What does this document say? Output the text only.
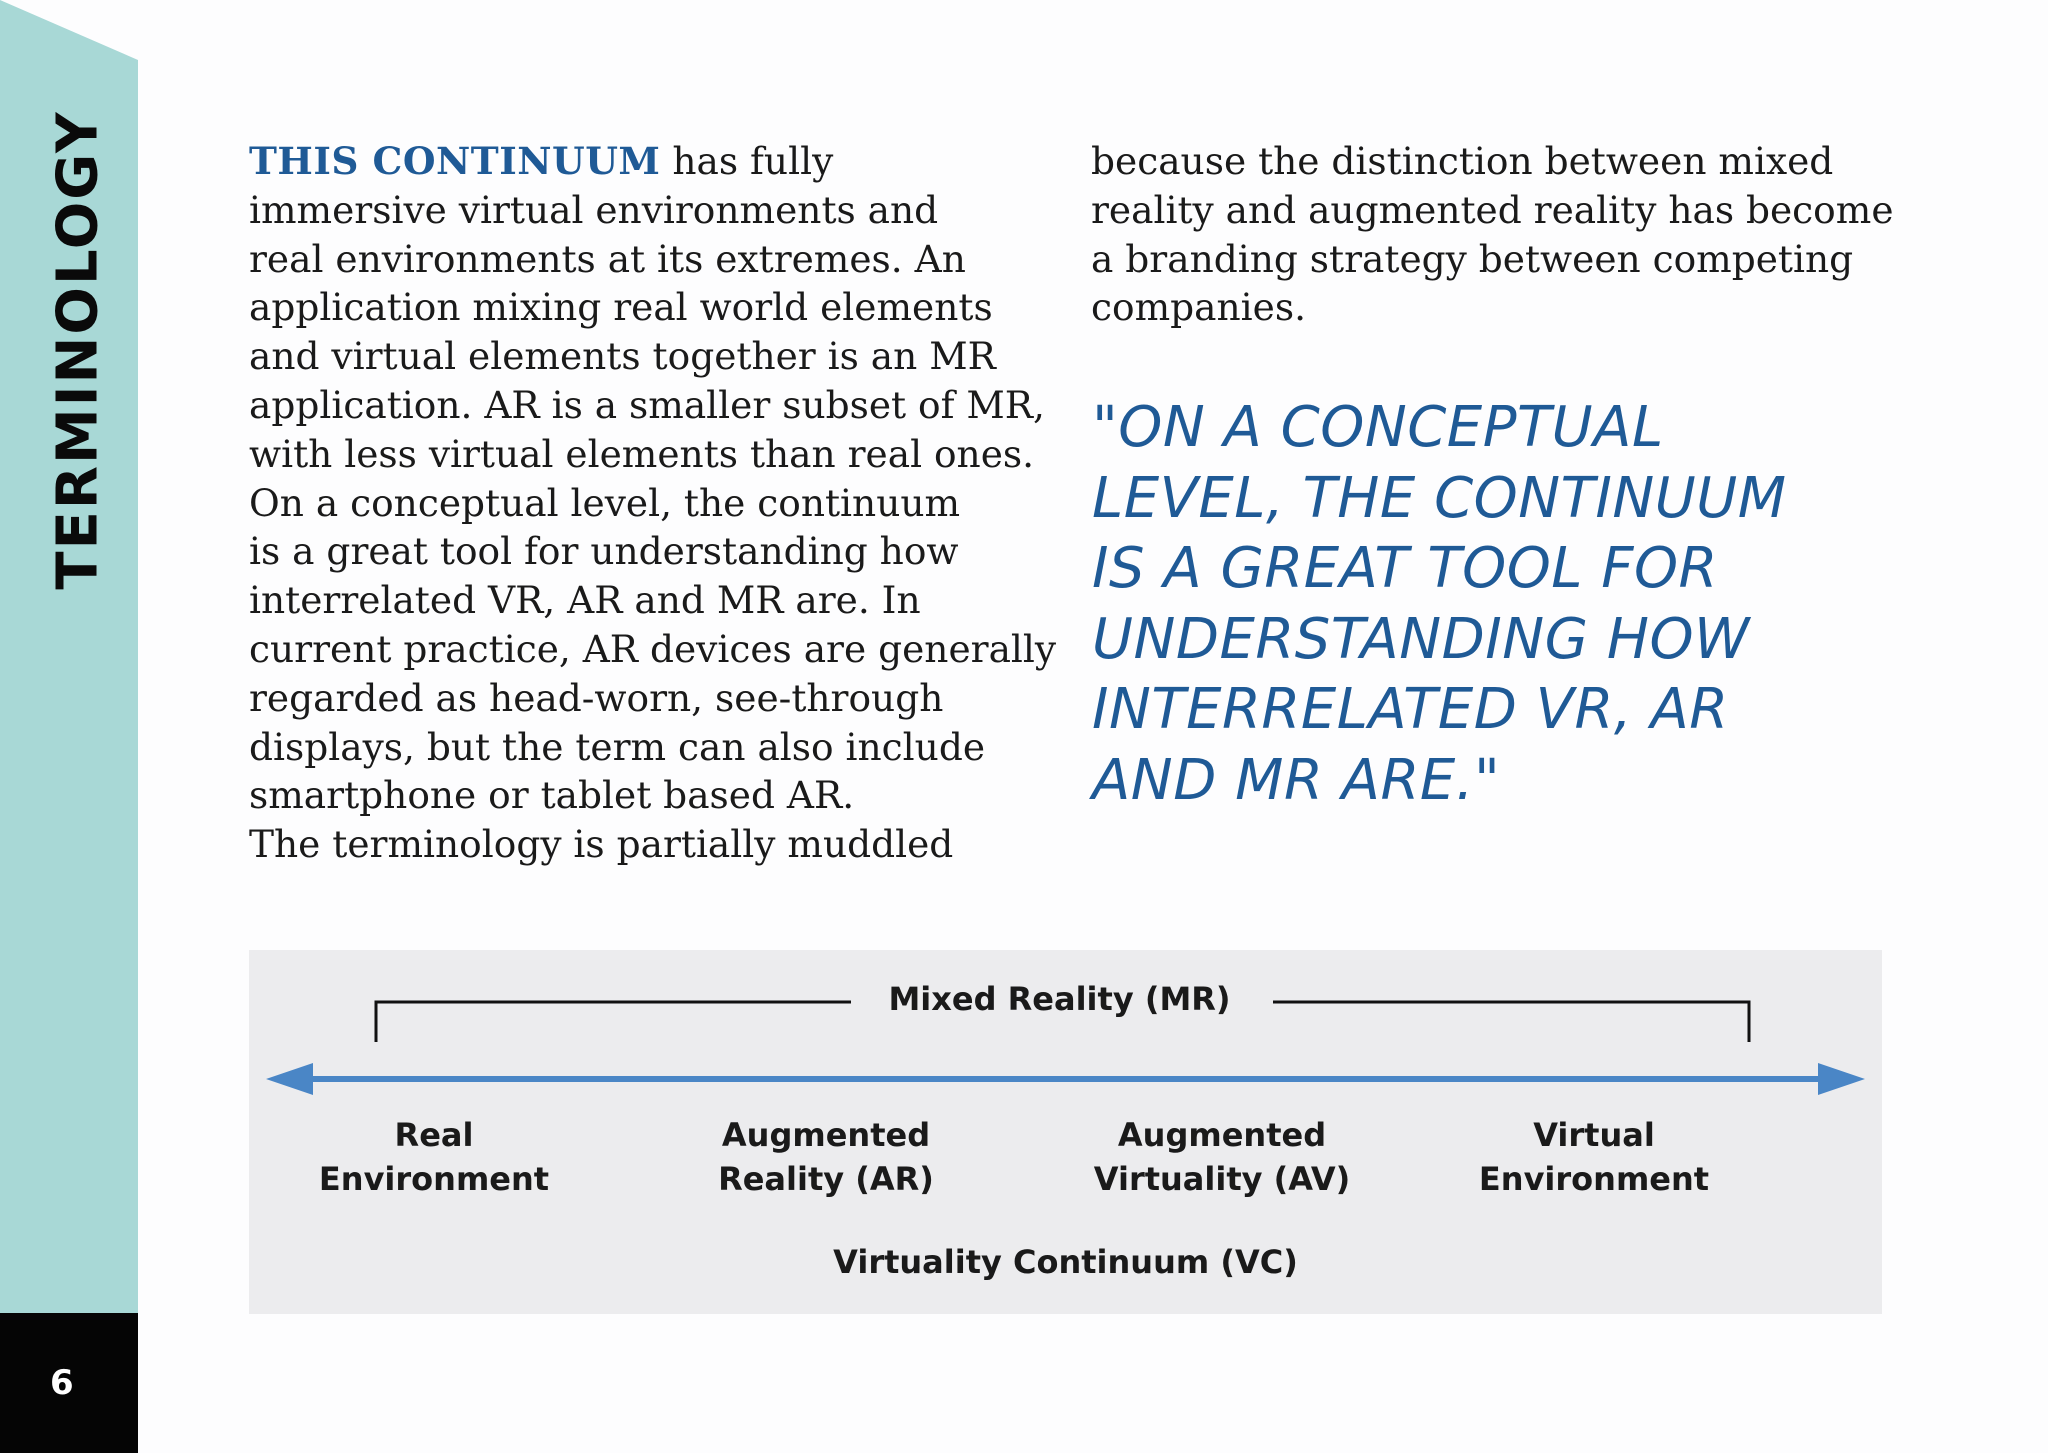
TERMINOLOGY
6
THIS CONTINUUM has fully
immersive virtual environments and
real environments at its extremes. An
application mixing real world elements
and virtual elements together is an MR
application. AR is a smaller subset of MR,
with less virtual elements than real ones.
On a conceptual level, the continuum
is a great tool for understanding how
interrelated VR, AR and MR are. In
current practice, AR devices are generally
regarded as head-worn, see-through
displays, but the term can also include
smartphone or tablet based AR.
The terminology is partially muddled
because the distinction between mixed
reality and augmented reality has become
a branding strategy between competing
companies.
"ON A CONCEPTUAL
LEVEL, THE CONTINUUM
IS A GREAT TOOL FOR
UNDERSTANDING HOW
INTERRELATED VR, AR
AND MR ARE."
Mixed Reality (MR)
Real
Environment
Augmented
Reality (AR)
Augmented
Virtuality (AV)
Virtual
Environment
Virtuality Continuum (VC)
